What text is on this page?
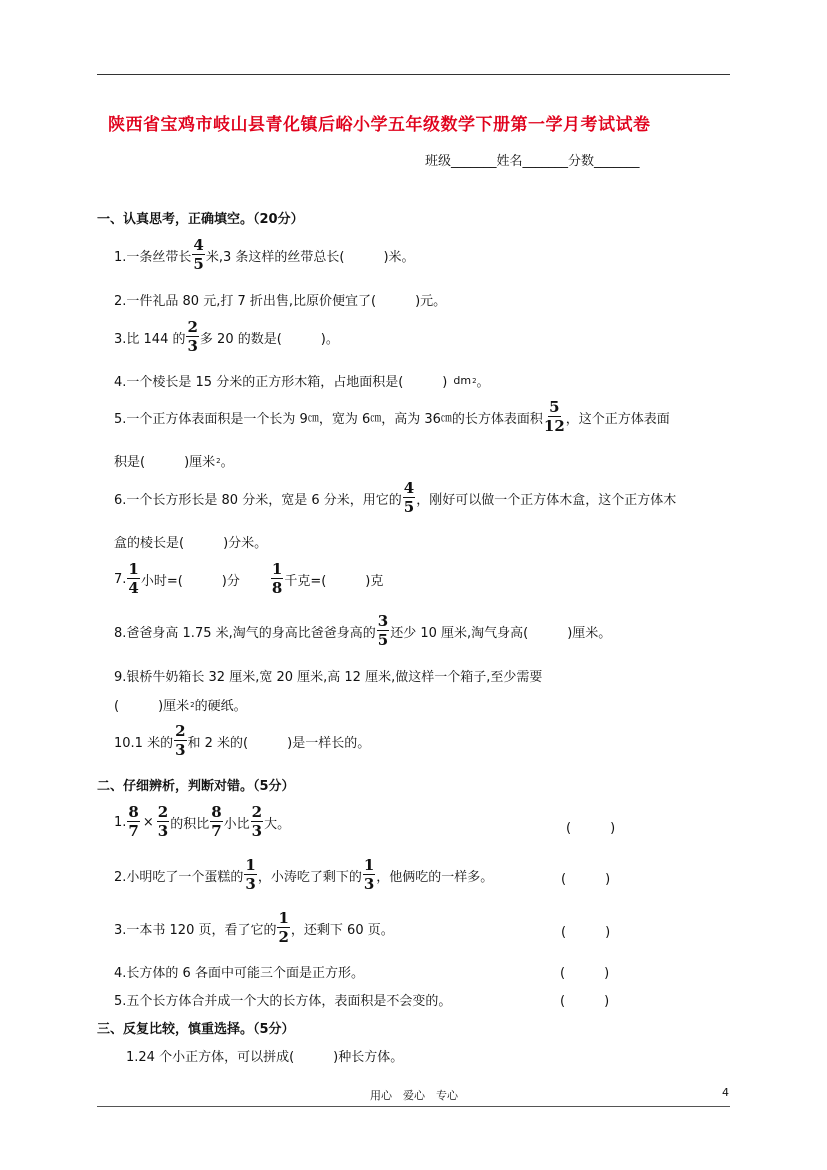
陕西省宝鸡市岐山县青化镇后峪小学五年级数学下册第一学月考试试卷
班级_______姓名_______分数_______
一、认真思考，正确填空。（20分）
1.一条丝带长 $\frac{4}{5}$ 米,3 条这样的丝带总长(　　　)米。
2.一件礼品 80 元,打 7 折出售,比原价便宜了(　　　)元。
3.比 144 的 $\frac{2}{3}$ 多 20 的数是(　　　)。
4.一个棱长是 15 分米的正方形木箱，占地面积是(　　　) dm 2 。
5.一个正方体表面积是一个长为 9 ㎝ ，宽为 6 ㎝ ，高为 36 ㎝ 的长方体表面积 $\frac{5}{12}$ ，这个正方体表面
积是(　　　)厘米 2 。
6.一个长方形长是 80 分米，宽是 6 分米，用它的 $\frac{4}{5}$ ，刚好可以做一个正方体木盒，这个正方体木
盒的棱长是(　　　)分米。
7. $\frac{1}{4}$ 小时=(　　　)分 $\frac{1}{8}$ 千克=(　　　)克
8.爸爸身高 1.75 米,淘气的身高比爸爸身高的 $\frac{3}{5}$ 还少 10 厘米,淘气身高(　　　)厘米。
9.银桥牛奶箱长 32 厘米,宽 20 厘米,高 12 厘米,做这样一个箱子,至少需要
(　　　)厘米 2 的硬纸。
10.1 米的 $\frac{2}{3}$ 和 2 米的(　　　)是一样长的。
二、仔细辨析，判断对错。（5分）
1. $\frac{8}{7} \times \frac{2}{3}$ 的积比 $\frac{8}{7}$ 小比 $\frac{2}{3}$ 大。	(　　　)
2.小明吃了一个蛋糕的 $\frac{1}{3}$ ，小涛吃了剩下的 $\frac{1}{3}$ ，他俩吃的一样多。	(　　　)
3.一本书 120 页，看了它的 $\frac{1}{2}$ ，还剩下 60 页。	(　　　)
4.长方体的 6 各面中可能三个面是正方形。	(　　　)
5.五个长方体合并成一个大的长方体，表面积是不会变的。	(　　　)
三、反复比较，慎重选择。（5分）
1.24 个小正方体，可以拼成(　　　)种长方体。
用心　爱心　专心	4
